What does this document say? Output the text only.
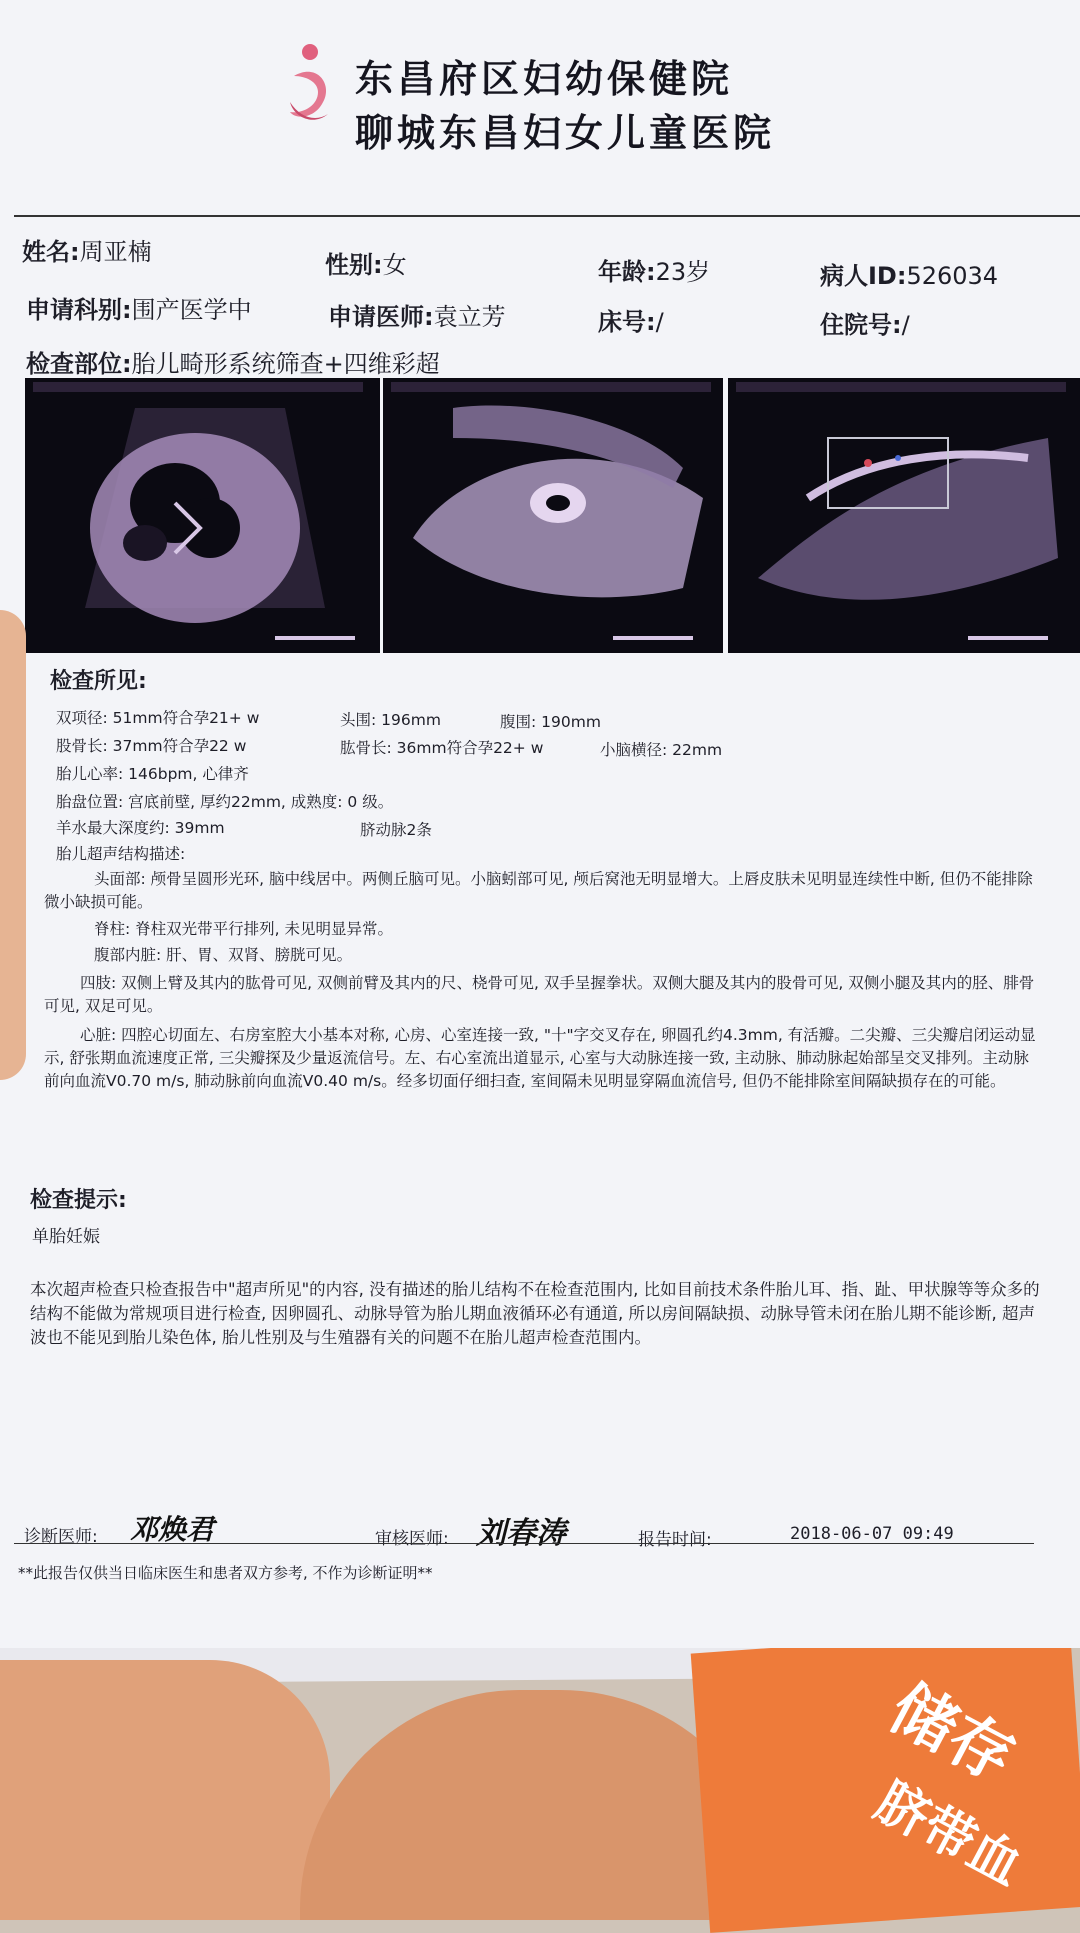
储存
脐带血
东昌府区妇幼保健院
聊城东昌妇女儿童医院
姓名:周亚楠	性别:女	年龄:23岁	病人ID:526034
申请科别:围产医学中	申请医师:袁立芳	床号:/	住院号:/
检查部位:胎儿畸形系统筛查+四维彩超
检查所见:
双项径: 51mm符合孕21+ w	头围: 196mm	腹围: 190mm
股骨长: 37mm符合孕22 w	肱骨长: 36mm符合孕22+ w	小脑横径: 22mm
胎儿心率: 146bpm, 心律齐
胎盘位置: 宫底前壁, 厚约22mm, 成熟度: 0 级。
羊水最大深度约: 39mm	脐动脉2条
胎儿超声结构描述:
头面部: 颅骨呈圆形光环, 脑中线居中。两侧丘脑可见。小脑蚓部可见, 颅后窝池无明显增大。上唇皮肤未见明显连续性中断, 但仍不能排除微小缺损可能。
脊柱: 脊柱双光带平行排列, 未见明显异常。
腹部内脏: 肝、胃、双肾、膀胱可见。
四肢: 双侧上臂及其内的肱骨可见, 双侧前臂及其内的尺、桡骨可见, 双手呈握拳状。双侧大腿及其内的股骨可见, 双侧小腿及其内的胫、腓骨可见, 双足可见。
心脏: 四腔心切面左、右房室腔大小基本对称, 心房、心室连接一致, "十"字交叉存在, 卵圆孔约4.3mm, 有活瓣。二尖瓣、三尖瓣启闭运动显示, 舒张期血流速度正常, 三尖瓣探及少量返流信号。左、右心室流出道显示, 心室与大动脉连接一致, 主动脉、肺动脉起始部呈交叉排列。主动脉前向血流V0.70 m/s, 肺动脉前向血流V0.40 m/s。经多切面仔细扫查, 室间隔未见明显穿隔血流信号, 但仍不能排除室间隔缺损存在的可能。
检查提示:
单胎妊娠
本次超声检查只检查报告中"超声所见"的内容, 没有描述的胎儿结构不在检查范围内, 比如目前技术条件胎儿耳、指、趾、甲状腺等等众多的结构不能做为常规项目进行检查, 因卵圆孔、动脉导管为胎儿期血液循环必有通道, 所以房间隔缺损、动脉导管未闭在胎儿期不能诊断, 超声波也不能见到胎儿染色体, 胎儿性别及与生殖器有关的问题不在胎儿超声检查范围内。
诊断医师: 邓焕君	审核医师: 刘春涛	报告时间:	2018-06-07 09:49
**此报告仅供当日临床医生和患者双方参考, 不作为诊断证明**
